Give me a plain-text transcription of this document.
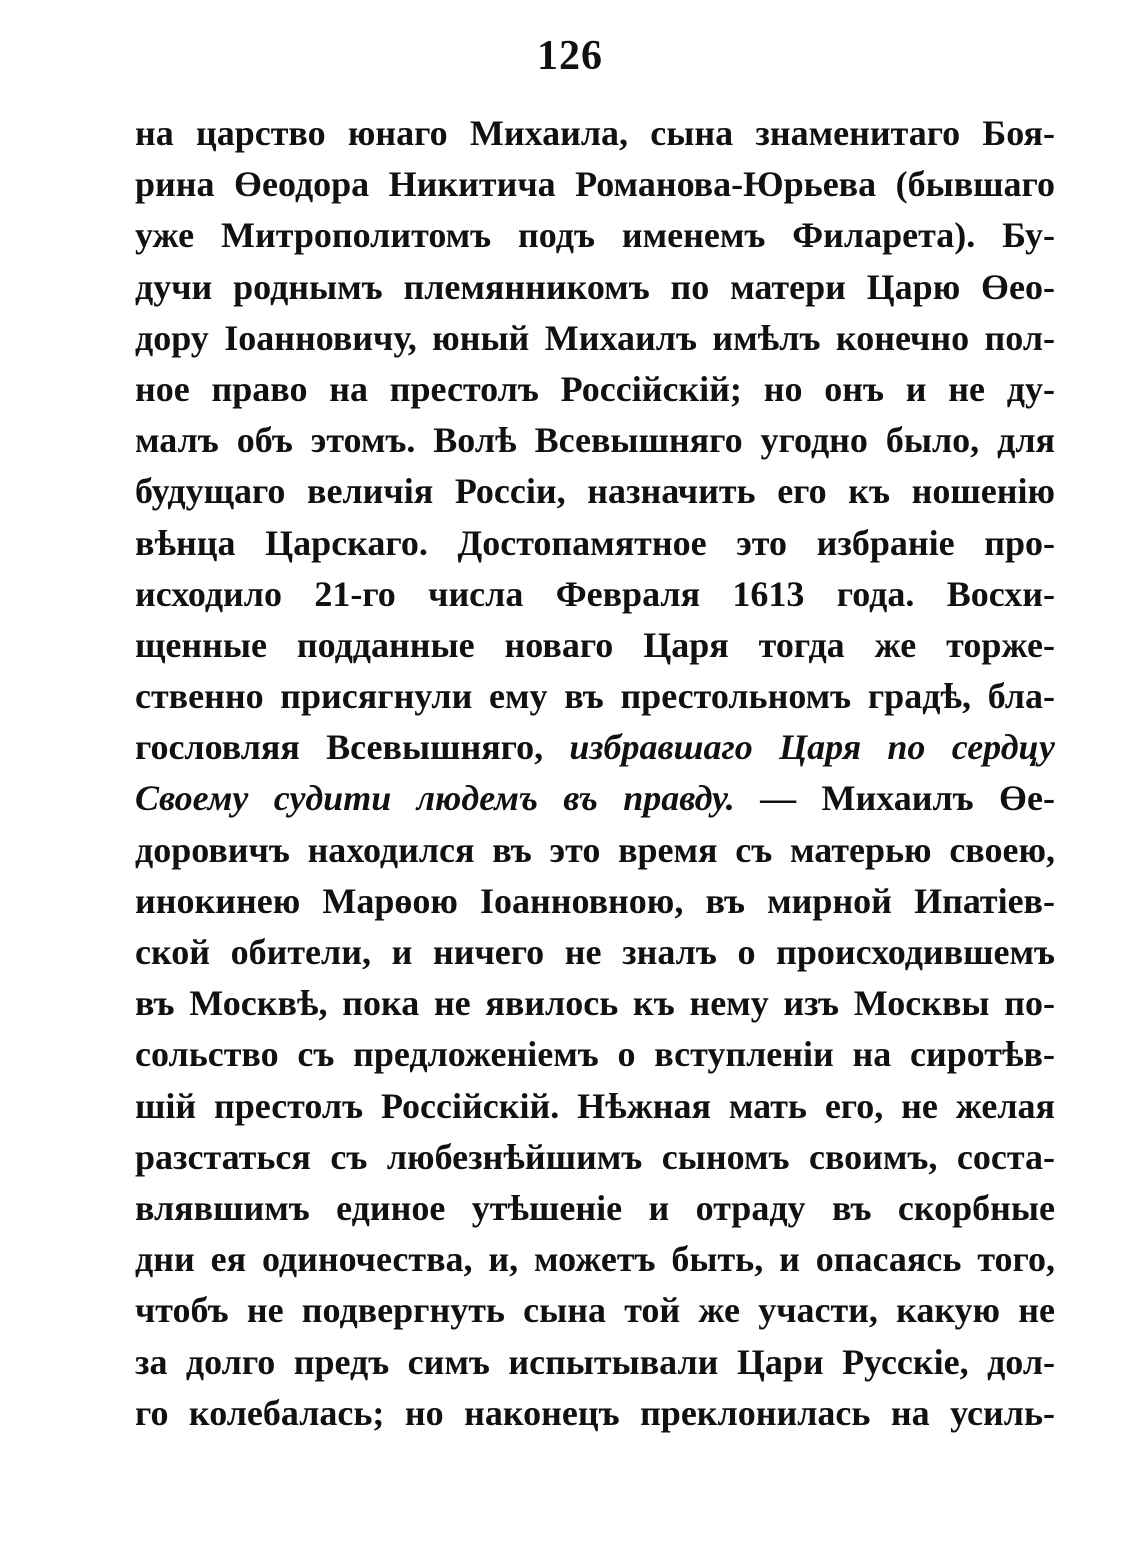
126
на царство юнаго Михаила, сына знаменитаго Боя-
рина Өеодора Никитича Романова-Юрьева (бывшаго
уже Митрополитомъ подъ именемъ Филарета). Бу-
дучи роднымъ племянникомъ по матери Царю Өео-
дору Іоанновичу, юный Михаилъ имѣлъ конечно пол-
ное право на престолъ Россійскій; но онъ и не ду-
малъ объ этомъ. Волѣ Всевышняго угодно было, для
будущаго величія Россіи, назначить его къ ношенію
вѣнца Царскаго. Достопамятное это избраніе про-
исходило 21-го числа Февраля 1613 года. Восхи-
щенные подданные новаго Царя тогда же торже-
ственно присягнули ему въ престольномъ градѣ, бла-
гословляя Всевышняго, избравшаго Царя по сердцу
Своему судити людемъ въ правду. — Михаилъ Өе-
доровичъ находился въ это время съ матерью своею,
инокинею Марөою Іоанновною, въ мирной Ипатіев-
ской обители, и ничего не зналъ о происходившемъ
въ Москвѣ, пока не явилось къ нему изъ Москвы по-
сольство съ предложеніемъ о вступленіи на сиротѣв-
шій престолъ Россійскій. Нѣжная мать его, не желая
разстаться съ любезнѣйшимъ сыномъ своимъ, соста-
влявшимъ единое утѣшеніе и отраду въ скорбные
дни ея одиночества, и, можетъ быть, и опасаясь того,
чтобъ не подвергнуть сына той же участи, какую не
за долго предъ симъ испытывали Цари Русскіе, дол-
го колебалась; но наконецъ преклонилась на усиль-
